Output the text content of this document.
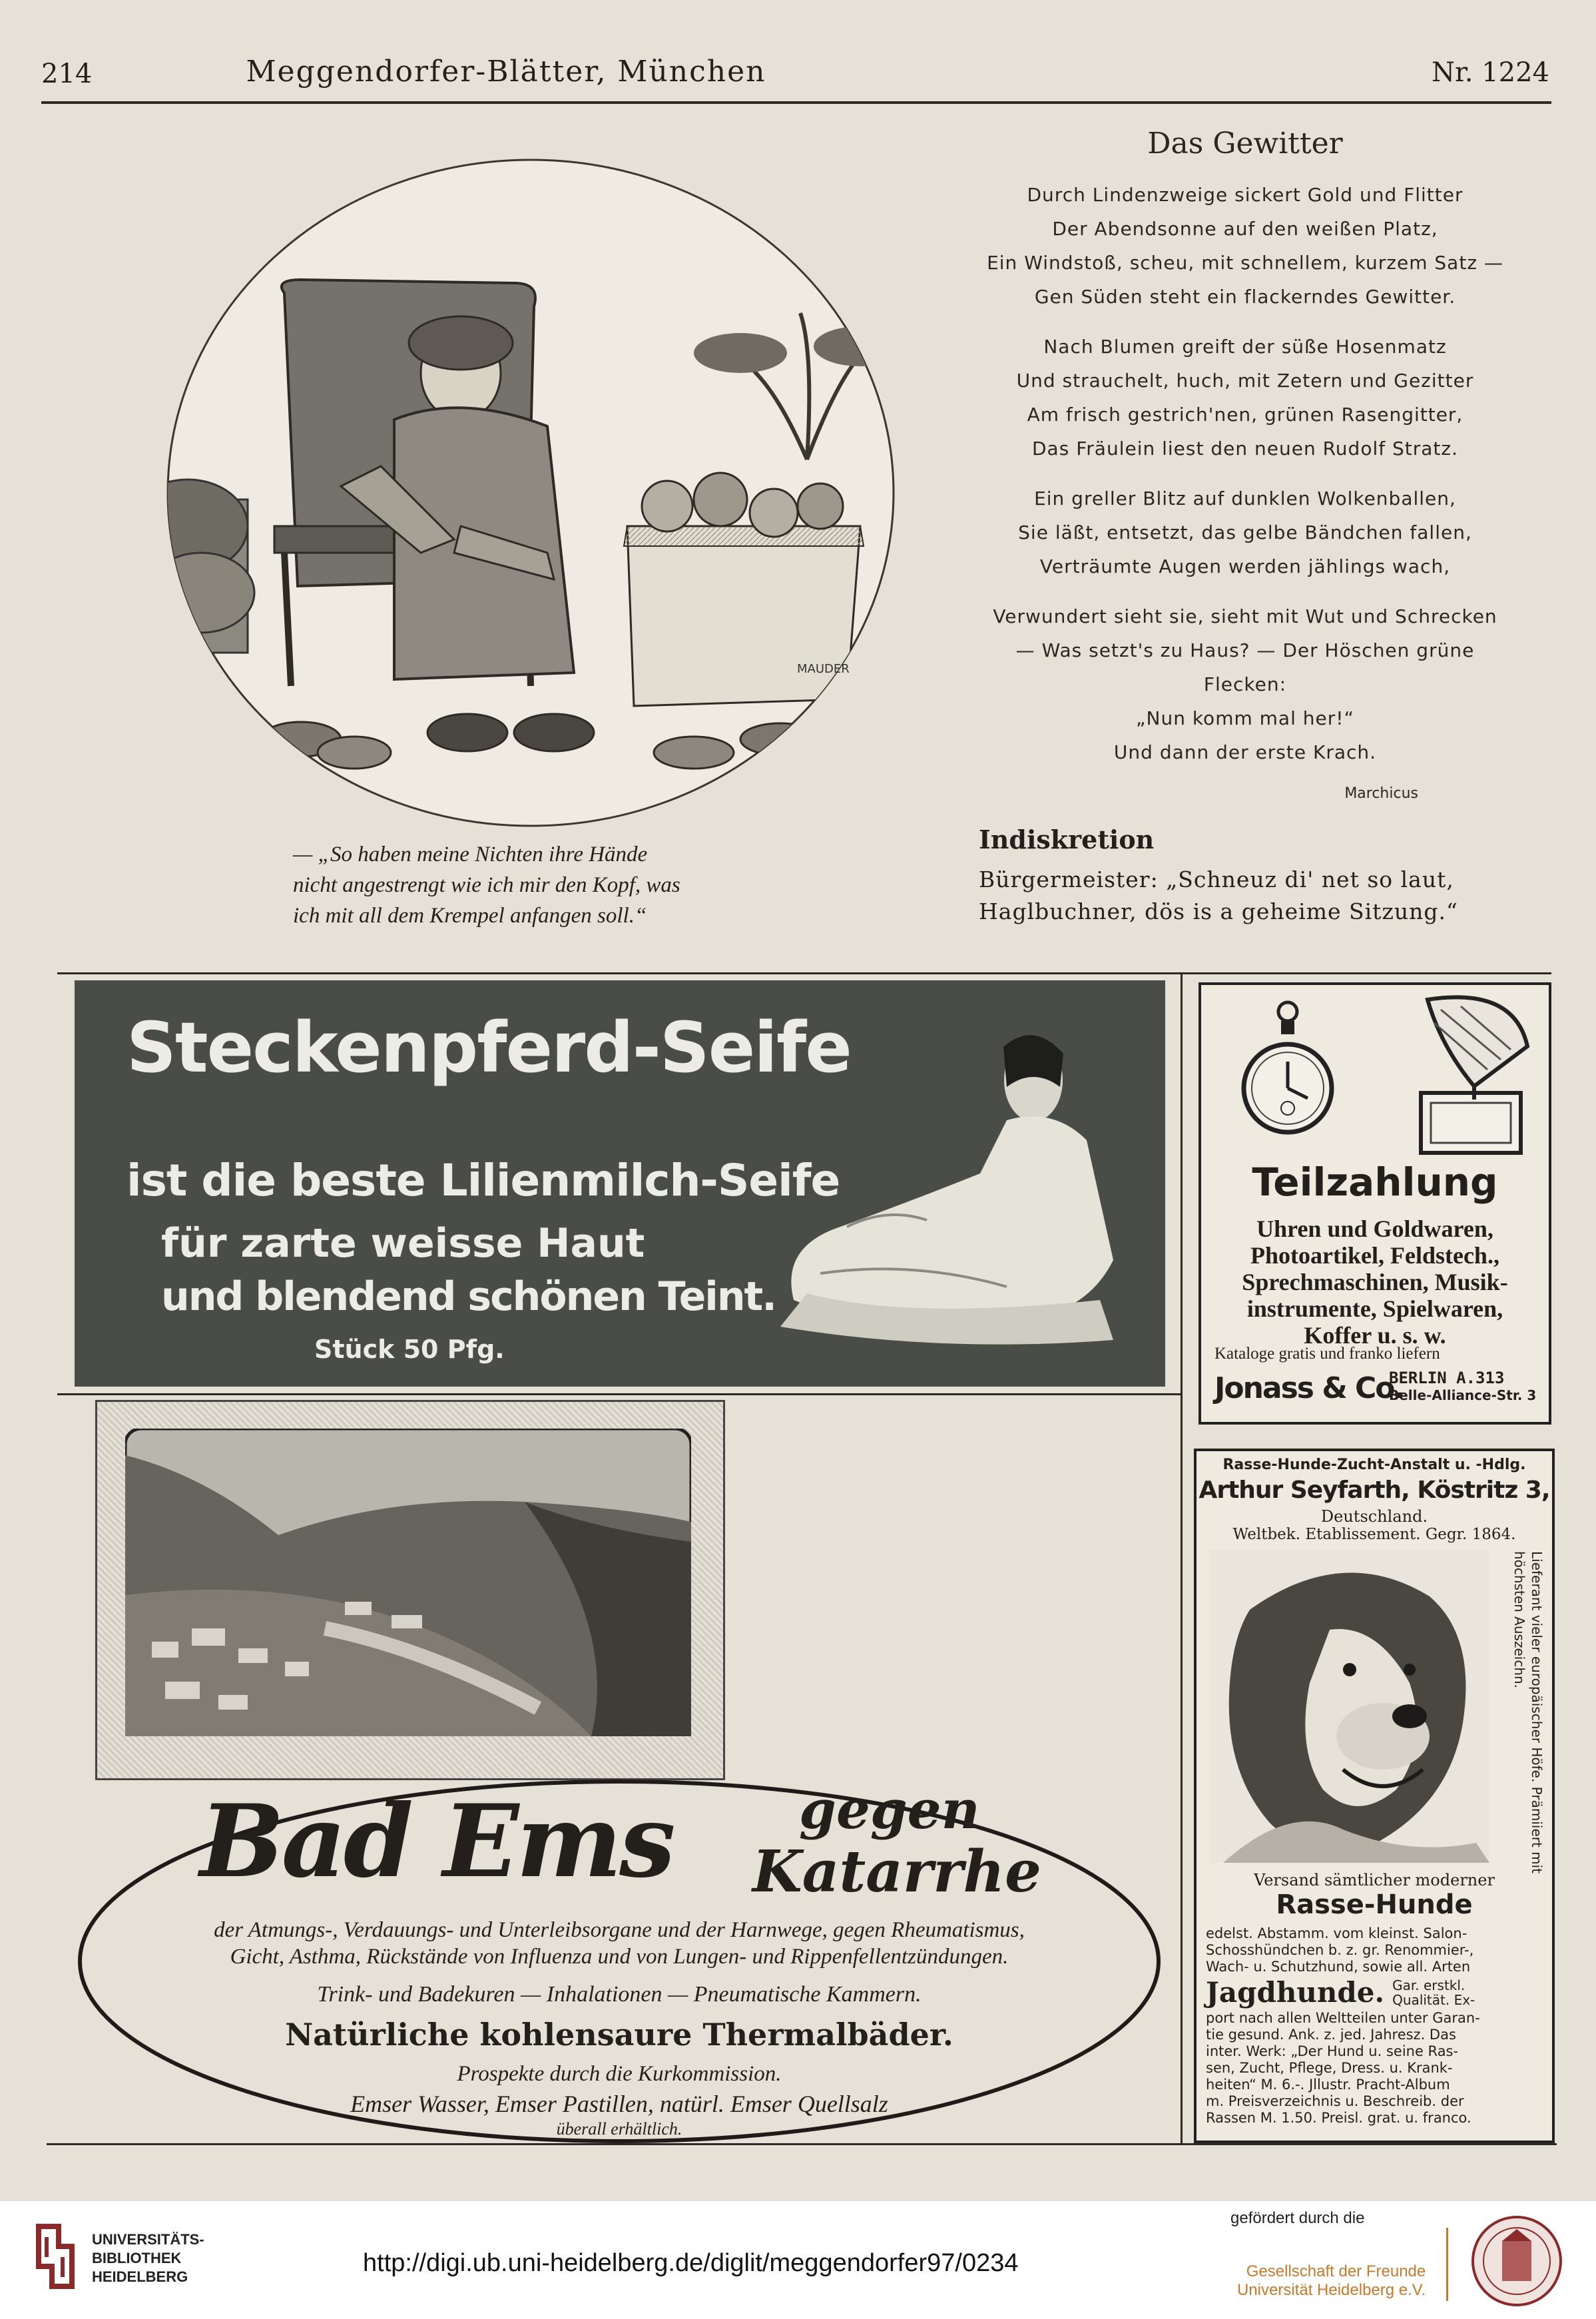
214	Meggendorfer-Blätter, München	Nr. 1224
MAUDER
— „So haben meine Nichten ihre Hände
nicht angestrengt wie ich mir den Kopf, was
ich mit all dem Krempel anfangen soll.“
Das Gewitter
Durch Lindenzweige sickert Gold und Flitter
Der Abendsonne auf den weißen Platz,
Ein Windstoß, scheu, mit schnellem, kurzem Satz —
Gen Süden steht ein flackerndes Gewitter.
Nach Blumen greift der süße Hosenmatz
Und strauchelt, huch, mit Zetern und Gezitter
Am frisch gestrich'nen, grünen Rasengitter,
Das Fräulein liest den neuen Rudolf Stratz.
Ein greller Blitz auf dunklen Wolkenballen,
Sie läßt, entsetzt, das gelbe Bändchen fallen,
Verträumte Augen werden jählings wach,
Verwundert sieht sie, sieht mit Wut und Schrecken
— Was setzt's zu Haus? — Der Höschen grüne
Flecken:
„Nun komm mal her!“
Und dann der erste Krach.
Marchicus
Indiskretion
Bürgermeister: „Schneuz di' net so laut,
Haglbuchner, dös is a geheime Sitzung.“
Steckenpferd-Seife
ist die beste Lilienmilch-Seife
für zarte weisse Haut
und blendend schönen Teint.
Stück 50 Pfg.
Teilzahlung
Uhren und Goldwaren,
Photoartikel, Feldstech.,
Sprechmaschinen, Musik-
instrumente, Spielwaren,
Koffer u. s. w.
Kataloge gratis und franko liefern
Jonass & Co.
BERLIN A.313
Belle-Alliance-Str. 3
Bad Ems gegen
Katarrhe
der Atmungs-, Verdauungs- und Unterleibsorgane und der Harnwege, gegen Rheumatismus,
Gicht, Asthma, Rückstände von Influenza und von Lungen- und Rippenfellentzündungen.
Trink- und Badekuren — Inhalationen — Pneumatische Kammern.
Natürliche kohlensaure Thermalbäder.
Prospekte durch die Kurkommission.
Emser Wasser, Emser Pastillen, natürl. Emser Quellsalz
überall erhältlich.
Rasse-Hunde-Zucht-Anstalt u. -Hdlg.
Arthur Seyfarth, Köstritz 3,
Deutschland.
Weltbek. Etablissement. Gegr. 1864.
Lieferant vieler europäischer Höfe. Prämiiert mit höchsten Auszeichn.
Versand sämtlicher moderner
Rasse-Hunde
edelst. Abstamm. vom kleinst. Salon-
Schosshündchen b. z. gr. Renommier-,
Wach- u. Schutzhund, sowie all. Arten
Jagdhunde. Gar. erstkl.
Qualität. Ex-
port nach allen Weltteilen unter Garan-
tie gesund. Ank. z. jed. Jahresz. Das
inter. Werk: „Der Hund u. seine Ras-
sen, Zucht, Pflege, Dress. u. Krank-
heiten“ M. 6.-. Jllustr. Pracht-Album
m. Preisverzeichnis u. Beschreib. der
Rassen M. 1.50. Preisl. grat. u. franco.
UNIVERSITÄTS-
BIBLIOTHEK
HEIDELBERG	http://digi.ub.uni-heidelberg.de/diglit/meggendorfer97/0234
gefördert durch die
Gesellschaft der Freunde
Universität Heidelberg e.V.
